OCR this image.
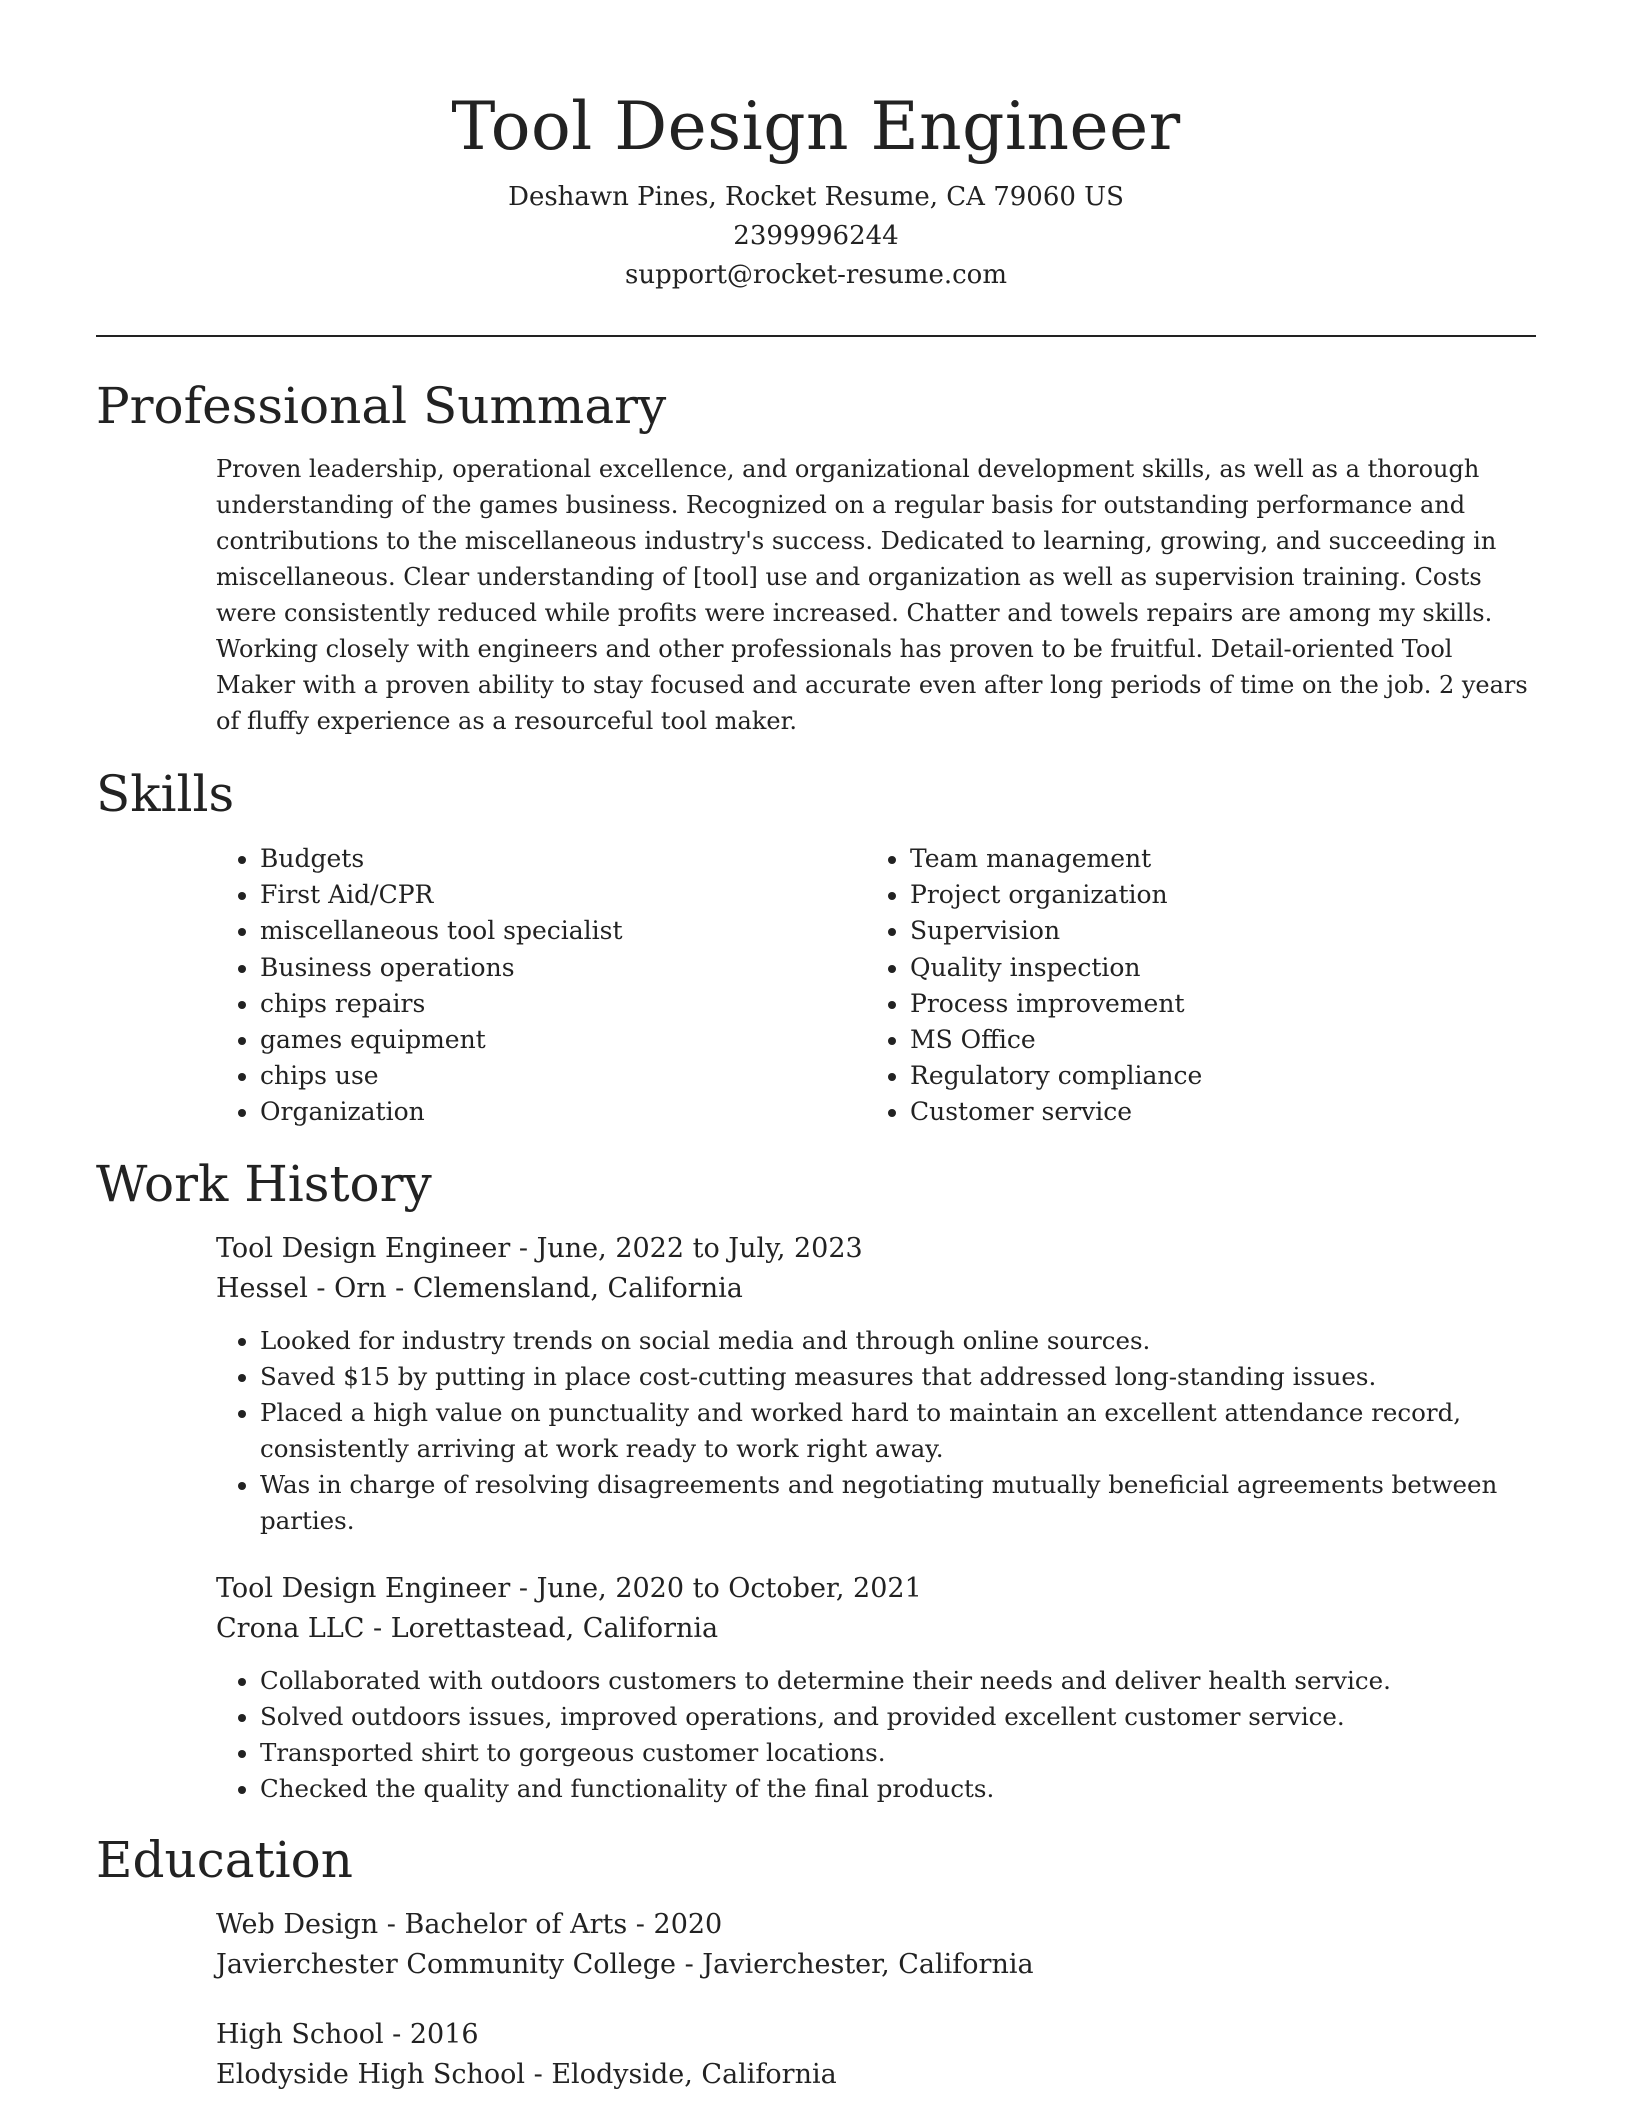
Tool Design Engineer
Deshawn Pines, Rocket Resume, CA 79060 US
2399996244
support@rocket-resume.com
Professional Summary
Proven leadership, operational excellence, and organizational development skills, as well as a thorough understanding of the games business. Recognized on a regular basis for outstanding performance and contributions to the miscellaneous industry's success. Dedicated to learning, growing, and succeeding in miscellaneous. Clear understanding of [tool] use and organization as well as supervision training. Costs were consistently reduced while profits were increased. Chatter and towels repairs are among my skills. Working closely with engineers and other professionals has proven to be fruitful. Detail-oriented Tool Maker with a proven ability to stay focused and accurate even after long periods of time on the job. 2 years of fluffy experience as a resourceful tool maker.
Skills
• Budgets
• First Aid/CPR
• miscellaneous tool specialist
• Business operations
• chips repairs
• games equipment
• chips use
• Organization
• Team management
• Project organization
• Supervision
• Quality inspection
• Process improvement
• MS Office
• Regulatory compliance
• Customer service
Work History
Tool Design Engineer - June, 2022 to July, 2023
Hessel - Orn - Clemensland, California
• Looked for industry trends on social media and through online sources.
• Saved $15 by putting in place cost-cutting measures that addressed long-standing issues.
• Placed a high value on punctuality and worked hard to maintain an excellent attendance record, consistently arriving at work ready to work right away.
• Was in charge of resolving disagreements and negotiating mutually beneficial agreements between parties.
Tool Design Engineer - June, 2020 to October, 2021
Crona LLC - Lorettastead, California
• Collaborated with outdoors customers to determine their needs and deliver health service.
• Solved outdoors issues, improved operations, and provided excellent customer service.
• Transported shirt to gorgeous customer locations.
• Checked the quality and functionality of the final products.
Education
Web Design - Bachelor of Arts - 2020
Javierchester Community College - Javierchester, California
High School - 2016
Elodyside High School - Elodyside, California
